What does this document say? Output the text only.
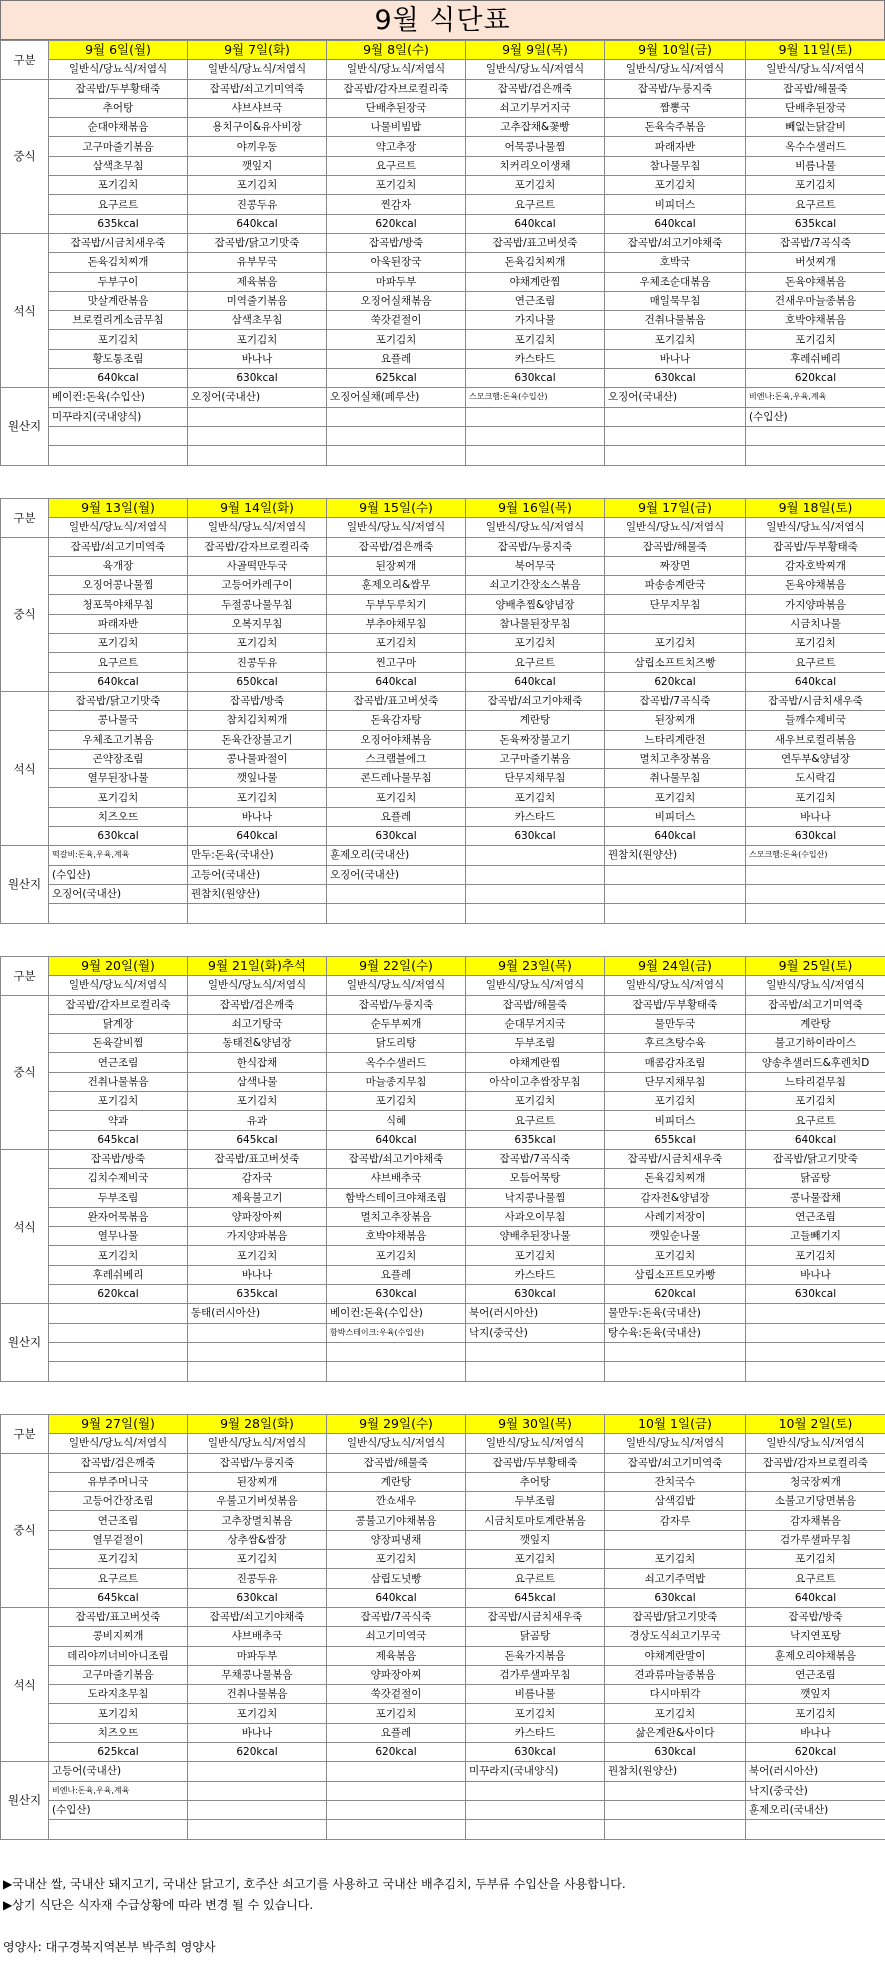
9월 식단표
구분	9월 6일(월)	9월 7일(화)	9월 8일(수)	9월 9일(목)	9월 10일(금)	9월 11일(토)
	일반식/당뇨식/저염식	일반식/당뇨식/저염식	일반식/당뇨식/저염식	일반식/당뇨식/저염식	일반식/당뇨식/저염식	일반식/당뇨식/저염식
중식	잡곡밥/두부황태죽	잡곡밥/쇠고기미역죽	잡곡밥/감자브로컬리죽	잡곡밥/검은깨죽	잡곡밥/누룽지죽	잡곡밥/해물죽
	추어탕	샤브샤브국	단배추된장국	쇠고기무거지국	짬뽕국	단배추된장국
	순대야채볶음	용치구이&유사비장	나물비빔밥	고추잡채&꽃빵	돈육숙주볶음	빼없는닭갈비
	고구마줄기볶음	야끼우동	약고추장	어묵콩나물찜	파래자반	옥수수샐러드
	삼색초무침	깻잎지	요구르트	치커리오이생채	참나물무침	비름나물
	포기김치	포기김치	포기김치	포기김치	포기김치	포기김치
	요구르트	진콩두유	찐감자	요구르트	비피더스	요구르트
	635kcal	640kcal	620kcal	640kcal	640kcal	635kcal
석식	잡곡밥/시금치새우죽	잡곡밥/닭고기맛죽	잡곡밥/방죽	잡곡밥/표고버섯죽	잡곡밥/쇠고기야채죽	잡곡밥/7곡식죽
	돈육김치찌개	유부무국	아욱된장국	돈육김치찌개	호박국	버섯찌개
	두부구이	제육볶음	마파두부	야채계란찜	우체조순대볶음	돈육야채볶음
	맛살계란볶음	미역줄기볶음	오징어실채볶음	연근조림	매일묵무침	건새우마늘종볶음
	브로컬리게소금무침	삼색초무침	쑥갓겉절이	가지나물	건취나물볶음	호박야채볶음
	포기김치	포기김치	포기김치	포기김치	포기김치	포기김치
	황도통조림	바나나	요플레	카스타드	바나나	후레쉬베리
	640kcal	630kcal	625kcal	630kcal	630kcal	620kcal
원산지	베이컨:돈육(수입산)	오징어(국내산)	오징어실채(페루산)	스모크햄:돈육(수입산)	오징어(국내산)	비엔나:돈육,우육,계육
	미꾸라지(국내양식)					(수입산)

구분	9월 13일(월)	9월 14일(화)	9월 15일(수)	9월 16일(목)	9월 17일(금)	9월 18일(토)
	일반식/당뇨식/저염식	일반식/당뇨식/저염식	일반식/당뇨식/저염식	일반식/당뇨식/저염식	일반식/당뇨식/저염식	일반식/당뇨식/저염식
중식	잡곡밥/쇠고기미역죽	잡곡밥/감자브로컬리죽	잡곡밥/검은깨죽	잡곡밥/누룽지죽	잡곡밥/해물죽	잡곡밥/두부황태죽
	육개장	사골떡만두국	된장찌개	북어무국	짜장면	감자호박찌개
	오징어콩나물찜	고등어카레구이	훈제오리&쌈무	쇠고기간장소스볶음	파송송계란국	돈육야채볶음
	청포묵야채무침	두절콩나물무침	두부두루치기	양배추찜&양념장	단무지무침	가지양파볶음
	파래자반	오복지무침	부추야채무침	참나물된장무침		시금치나물
	포기김치	포기김치	포기김치	포기김치	포기김치	포기김치
	요구르트	진콩두유	찐고구마	요구르트	삼립소프트치즈빵	요구르트
	640kcal	650kcal	640kcal	640kcal	620kcal	640kcal
석식	잡곡밥/닭고기맛죽	잡곡밥/방죽	잡곡밥/표고버섯죽	잡곡밥/쇠고기야채죽	잡곡밥/7곡식죽	잡곡밥/시금치새우죽
	콩나물국	참치김치찌개	돈육감자탕	계란탕	된장찌개	들깨수제비국
	우체조고기볶음	돈육간장불고기	오징어야채볶음	돈육짜장불고기	느타리계란전	새우브로컬리볶음
	곤약장조림	콩나물파절이	스크램블에그	고구마줄기볶음	멸치고추장볶음	연두부&양념장
	열무된장나물	깻잎나물	콘드레나물무침	단무지채무침	취나물무침	도시락김
	포기김치	포기김치	포기김치	포기김치	포기김치	포기김치
	치즈오뜨	바나나	요플레	카스타드	비피더스	바나나
	630kcal	640kcal	630kcal	630kcal	640kcal	630kcal
원산지	떡갈비:돈육,우육,계육	만두:돈육(국내산)	훈제오리(국내산)		꿘참치(원양산)	스모크햄:돈육(수입산)
	(수입산)	고등어(국내산)	오징어(국내산)			
	오징어(국내산)	꿘참치(원양산)				

구분	9월 20일(월)	9월 21일(화)추석	9월 22일(수)	9월 23일(목)	9월 24일(금)	9월 25일(토)
	일반식/당뇨식/저염식	일반식/당뇨식/저염식	일반식/당뇨식/저염식	일반식/당뇨식/저염식	일반식/당뇨식/저염식	일반식/당뇨식/저염식
중식	잡곡밥/감자브로컬리죽	잡곡밥/검은깨죽	잡곡밥/누룽지죽	잡곡밥/해물죽	잡곡밥/두부황태죽	잡곡밥/쇠고기미역죽
	닭계장	쇠고기탕국	순두부찌개	순대무거지국	물만두국	계란탕
	돈육갈비찜	동태전&양념장	닭도리탕	두부조림	후르츠탕수육	불고기하이라이스
	연근조림	한식잡채	옥수수샐러드	야채계란찜	매콤감자조림	양송추샐러드&후렌치D
	건취나물볶음	삼색나물	마늘종지무침	아삭이고추쌈장무침	단무지채무침	느타리겉무침
	포기김치	포기김치	포기김치	포기김치	포기김치	포기김치
	약과	유과	식혜	요구르트	비피더스	요구르트
	645kcal	645kcal	640kcal	635kcal	655kcal	640kcal
석식	잡곡밥/방죽	잡곡밥/표고버섯죽	잡곡밥/쇠고기야채죽	잡곡밥/7곡식죽	잡곡밥/시금치새우죽	잡곡밥/닭고기맛죽
	김치수제비국	감자국	샤브배추국	모듬어묵탕	돈육김치찌개	닭곰탕
	두부조림	제육불고기	함박스테이크야채조림	낙지콩나물찜	감자전&양념장	콩나물잡채
	완자어묵볶음	양파장아찌	멸치고추장볶음	사과오이무침	사례기저장이	연근조림
	열무나물	가지양파볶음	호박야채볶음	양배추된장나물	깻잎순나물	고들빼기지
	포기김치	포기김치	포기김치	포기김치	포기김치	포기김치
	후레쉬베리	바나나	요플레	카스타드	삼립소프트모카빵	바나나
	620kcal	635kcal	630kcal	630kcal	620kcal	630kcal
원산지		동태(러시아산)	베이컨:돈육(수입산)	북어(러시아산)	물만두:돈육(국내산)	
			함박스테이크:우육(수입산)	낙지(중국산)	탕수육:돈육(국내산)	

구분	9월 27일(월)	9월 28일(화)	9월 29일(수)	9월 30일(목)	10월 1일(금)	10월 2일(토)
	일반식/당뇨식/저염식	일반식/당뇨식/저염식	일반식/당뇨식/저염식	일반식/당뇨식/저염식	일반식/당뇨식/저염식	일반식/당뇨식/저염식
중식	잡곡밥/검은깨죽	잡곡밥/누룽지죽	잡곡밥/해물죽	잡곡밥/두부황태죽	잡곡밥/쇠고기미역죽	잡곡밥/감자브로컬리죽
	유부주머니국	된장찌개	계란탕	추어탕	잔치국수	청국장찌개
	고등어간장조림	우불고기버섯볶음	깐쇼새우	두부조림	삼색김밥	소불고기당면볶음
	연근조림	고추장멸치볶음	콩불고기야채볶음	시금치토마토계란볶음	감자루	감자채볶음
	열무겉절이	상추쌈&쌈장	양장피냉채	깻잎지		검가루샐파무침
	포기김치	포기김치	포기김치	포기김치	포기김치	포기김치
	요구르트	진콩두유	삼립도넛빵	요구르트	쇠고기주먹밥	요구르트
	645kcal	630kcal	640kcal	645kcal	630kcal	640kcal
석식	잡곡밥/표고버섯죽	잡곡밥/쇠고기야채죽	잡곡밥/7곡식죽	잡곡밥/시금치새우죽	잡곡밥/닭고기맛죽	잡곡밥/방죽
	콩비지찌개	샤브배추국	쇠고기미역국	닭곰탕	경상도식쇠고기무국	낙지연포탕
	데리야끼너비아니조림	마파두부	제육볶음	돈육가지볶음	야채계란말이	훈제오리야채볶음
	고구마줄기볶음	무채콩나물볶음	양파장아찌	검가루샐파무침	견과류마늘종볶음	연근조림
	도라지초무침	건취나물볶음	쑥갓겉절이	비름나물	다시마튀각	깻잎지
	포기김치	포기김치	포기김치	포기김치	포기김치	포기김치
	치즈오뜨	바나나	요플레	카스타드	삶은계란&사이다	바나나
	625kcal	620kcal	620kcal	630kcal	630kcal	620kcal
원산지	고등어(국내산)			미꾸라지(국내양식)	꿘참치(원양산)	북어(러시아산)
	비엔나:돈육,우육,계육					낙지(중국산)
	(수입산)					훈제오리(국내산)

▶국내산 쌀, 국내산 돼지고기, 국내산 닭고기, 호주산 쇠고기를 사용하고 국내산 배추김치, 두부류 수입산을 사용합니다.
▶상기 식단은 식자재 수급상황에 따라 변경 될 수 있습니다.
영양사: 대구경북지역본부 박주희 영양사
